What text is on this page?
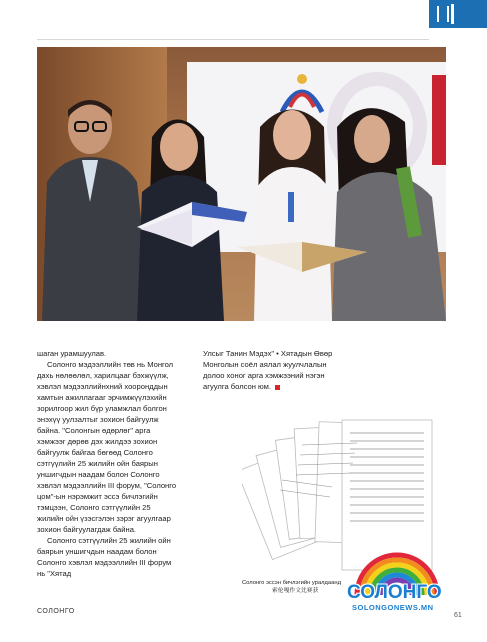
шаган урамшуулав.

Солонго мэдээллийн төв нь Монгол дахь нөлөөлөл, харилцааг бэхжүүлж, хэвлэл мэдээллийнхний хооронддын хамтын ажиллагааг эрчимжүүлэхийн зорилгоор жил бүр уламжлал болгон энэхүү уулзалтыг зохион байгуулж байна. "Солонгын өдөрлөг" арга хэмжээг дөрөв дэх жилдээ зохион байгуулж байгаа бөгөөд Солонго сэтгүүлийн 25 жилийн ойн баярын уншигчдын наадам болон Солонго хэвлэл мэдээллийн III форум, "Солонго цом"-ын нэрэмжит эссэ бичлэгийн тэмцээн, Солонго сэтгүүлийн 25 жилийн ойн үзэсгэлэн зэрэг агуулгаар зохион байгуулагдаж байна.

Солонго сэтгүүлийн 25 жилийн ойн баярын уншигчдын наадам болон Солонго хэвлэл мэдээллийн III форум нь "Хятад

Улсыг Танин Мэдэх" • Хятадын Өвөр Монголын соёл аялал жуулчлалын долоо хоног арга хэмжээний нэгэн агуулга болсон юм.

Солонго эссэн бичлэгийн уралдаанд
索伦嘎作文比赛获	СОЛОНГО
SOLONGONEWS.MN
СОЛОНГО
61
